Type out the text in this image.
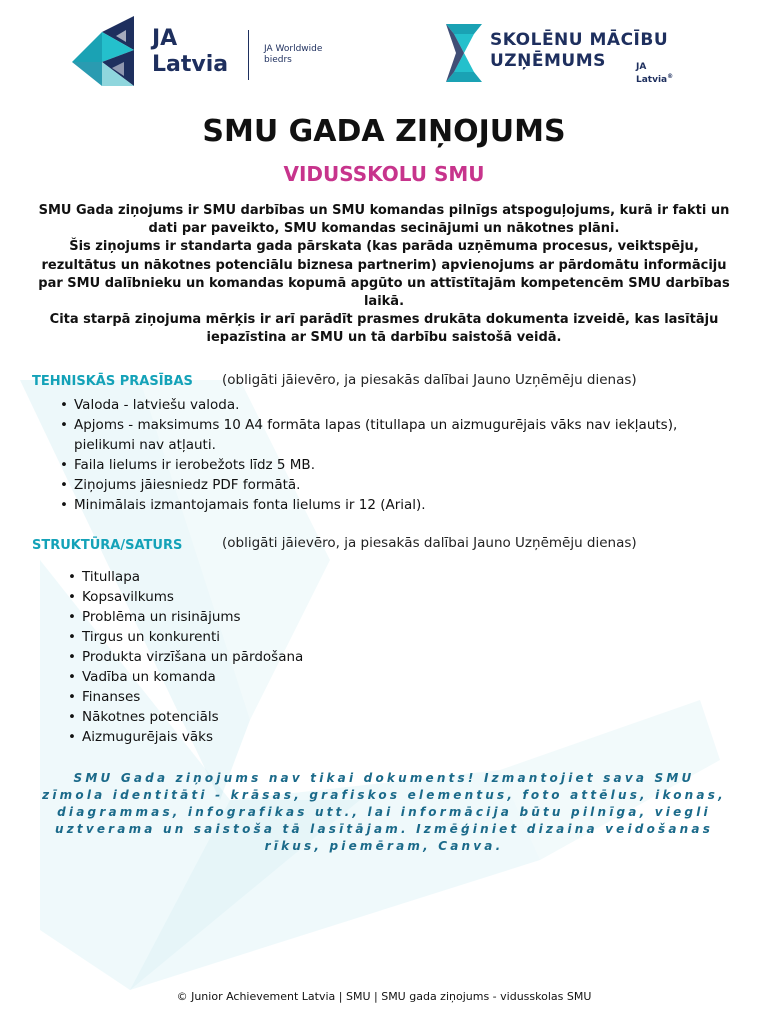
JA
Latvia
JA Worldwide
biedrs
SKOLĒNU MĀCĪBU
UZŅĒMUMS	JA
Latvia®
SMU GADA ZIŅOJUMS
VIDUSSKOLU SMU

SMU Gada ziņojums ir SMU darbības un SMU komandas pilnīgs atspoguļojums, kurā ir fakti un dati par paveikto, SMU komandas secinājumi un nākotnes plāni.

Šis ziņojums ir standarta gada pārskata (kas parāda uzņēmuma procesus, veiktspēju, rezultātus un nākotnes potenciālu biznesa partnerim) apvienojums ar pārdomātu informāciju par SMU dalībnieku un komandas kopumā apgūto un attīstītajām kompetencēm SMU darbības laikā.

Cita starpā ziņojuma mērķis ir arī parādīt prasmes drukāta dokumenta izveidē, kas lasītāju iepazīstina ar SMU un tā darbību saistošā veidā.

TEHNISKĀS PRASĪBAS (obligāti jāievēro, ja piesakās dalībai Jauno Uzņēmēju dienas)
• Valoda - latviešu valoda.
• Apjoms - maksimums 10 A4 formāta lapas (titullapa un aizmugurējais vāks nav iekļauts), pielikumi nav atļauti.
• Faila lielums ir ierobežots līdz 5 MB.
• Ziņojums jāiesniedz PDF formātā.
• Minimālais izmantojamais fonta lielums ir 12 (Arial).
STRUKTŪRA/SATURS	(obligāti jāievēro, ja piesakās dalībai Jauno Uzņēmēju dienas)
• Titullapa
• Kopsavilkums
• Problēma un risinājums
• Tirgus un konkurenti
• Produkta virzīšana un pārdošana
• Vadība un komanda
• Finanses
• Nākotnes potenciāls
• Aizmugurējais vāks
SMU Gada ziņojums nav tikai dokuments! Izmantojiet sava SMU zīmola identitāti - krāsas, grafiskos elementus, foto attēlus, ikonas, diagrammas, infografikas utt., lai informācija būtu pilnīga, viegli uztverama un saistoša tā lasītājam. Izmēģiniet dizaina veidošanas rīkus, piemēram, Canva.
© Junior Achievement Latvia | SMU | SMU gada ziņojums - vidusskolas SMU
